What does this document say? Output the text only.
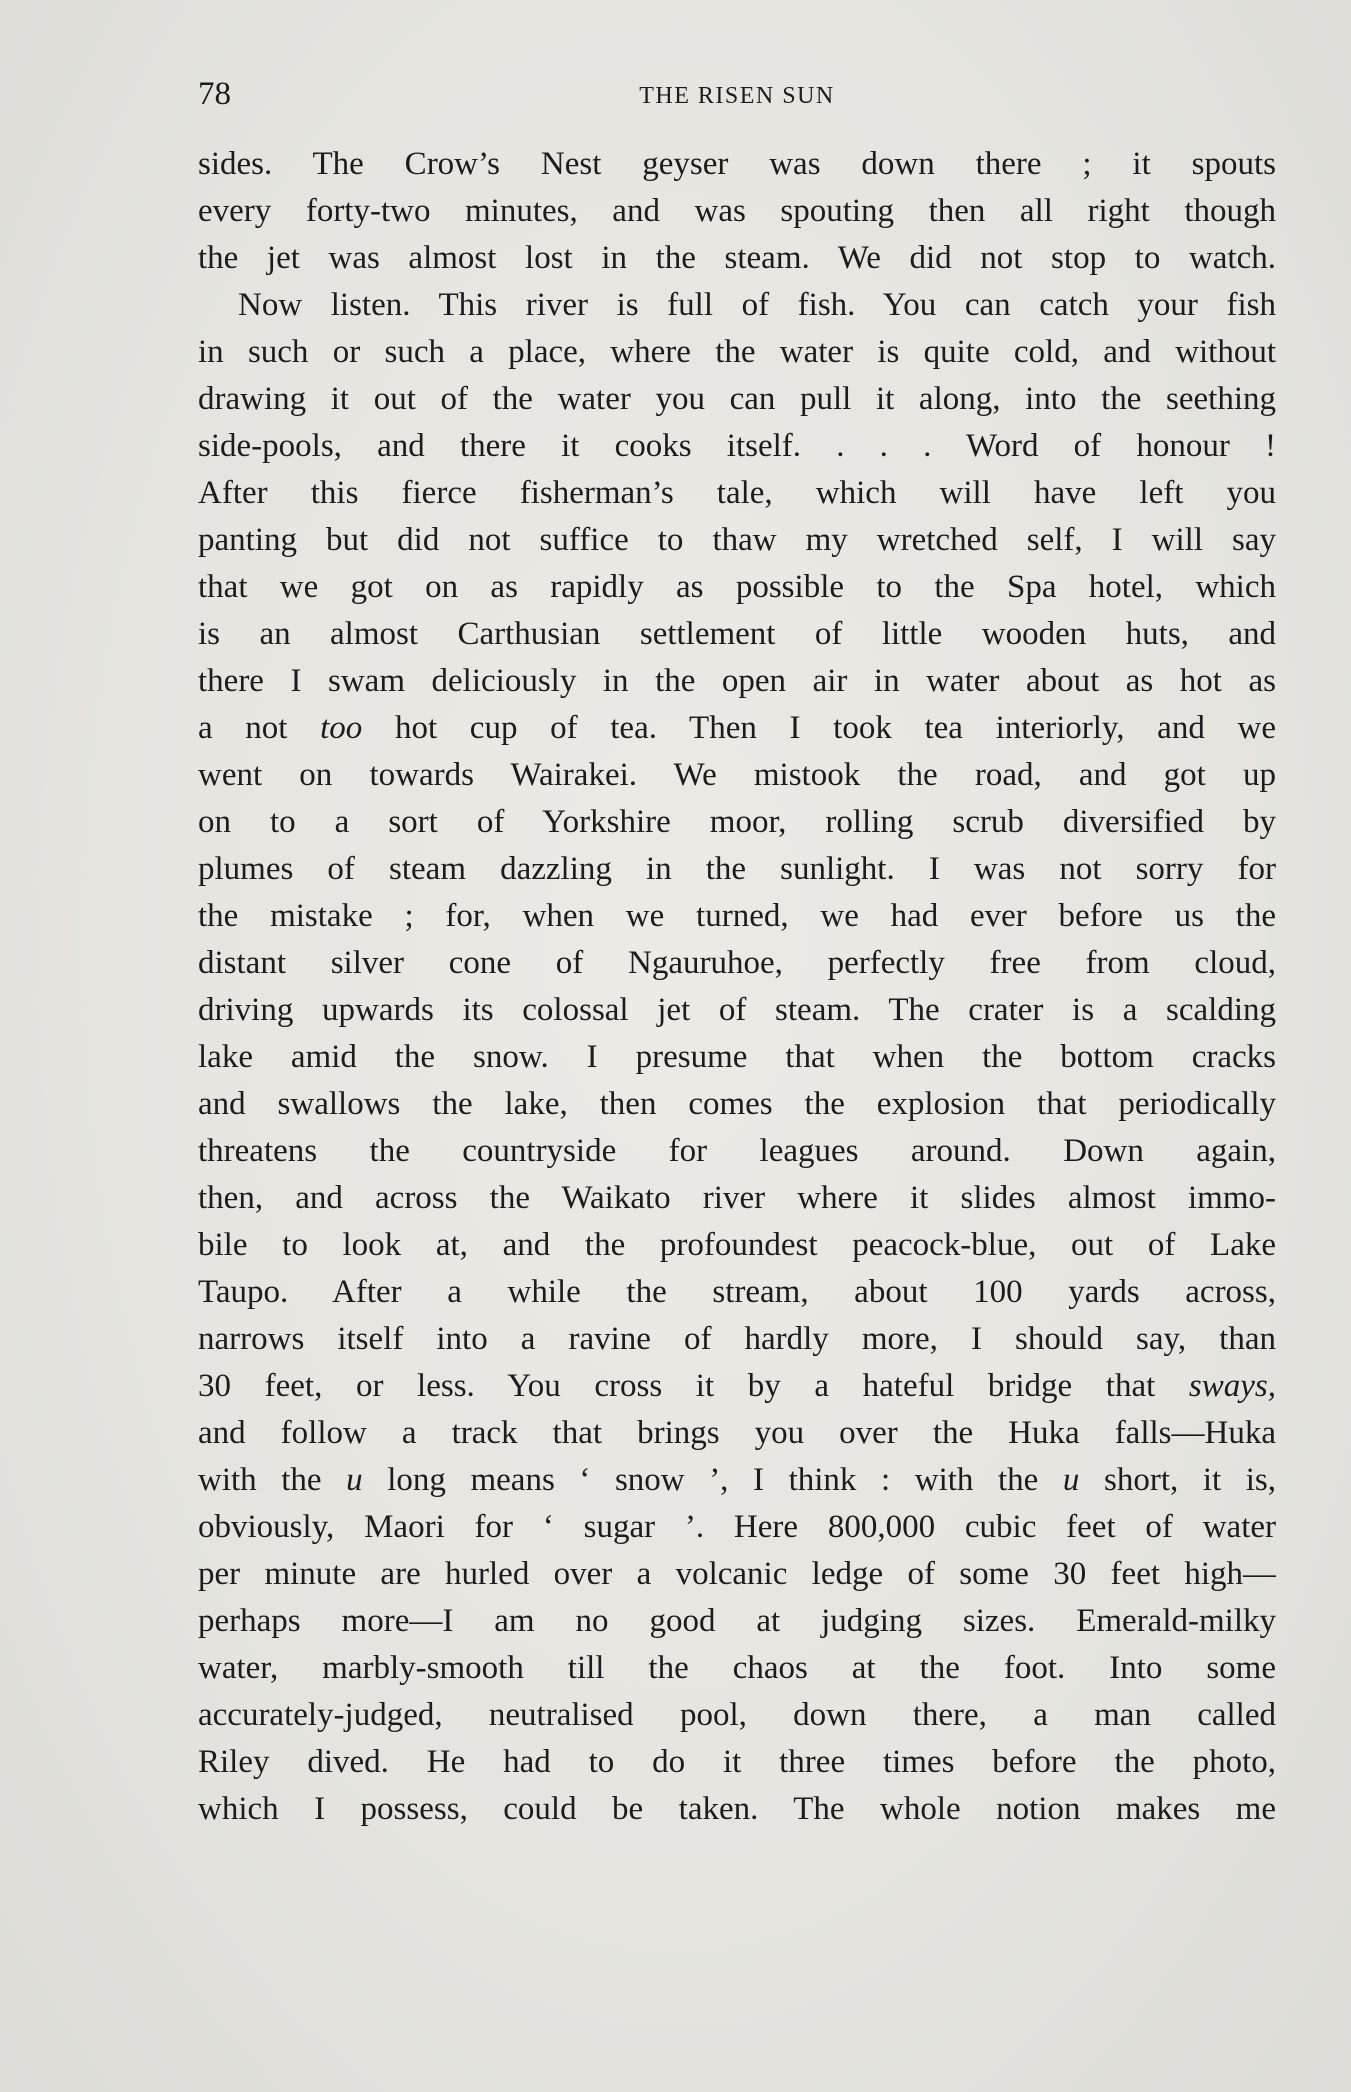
78	THE RISEN SUN
sides. The Crow’s Nest geyser was down there ; it spouts
every forty-two minutes, and was spouting then all right though
the jet was almost lost in the steam. We did not stop to watch.
Now listen. This river is full of fish. You can catch your fish
in such or such a place, where the water is quite cold, and without
drawing it out of the water you can pull it along, into the seething
side-pools, and there it cooks itself. . . . Word of honour !
After this fierce fisherman’s tale, which will have left you
panting but did not suffice to thaw my wretched self, I will say
that we got on as rapidly as possible to the Spa hotel, which
is an almost Carthusian settlement of little wooden huts, and
there I swam deliciously in the open air in water about as hot as
a not too hot cup of tea. Then I took tea interiorly, and we
went on towards Wairakei. We mistook the road, and got up
on to a sort of Yorkshire moor, rolling scrub diversified by
plumes of steam dazzling in the sunlight. I was not sorry for
the mistake ; for, when we turned, we had ever before us the
distant silver cone of Ngauruhoe, perfectly free from cloud,
driving upwards its colossal jet of steam. The crater is a scalding
lake amid the snow. I presume that when the bottom cracks
and swallows the lake, then comes the explosion that periodically
threatens the countryside for leagues around. Down again,
then, and across the Waikato river where it slides almost immo-
bile to look at, and the profoundest peacock-blue, out of Lake
Taupo. After a while the stream, about 100 yards across,
narrows itself into a ravine of hardly more, I should say, than
30 feet, or less. You cross it by a hateful bridge that sways,
and follow a track that brings you over the Huka falls—Huka
with the u long means ‘ snow ’, I think : with the u short, it is,
obviously, Maori for ‘ sugar ’. Here 800,000 cubic feet of water
per minute are hurled over a volcanic ledge of some 30 feet high—
perhaps more—I am no good at judging sizes. Emerald-milky
water, marbly-smooth till the chaos at the foot. Into some
accurately-judged, neutralised pool, down there, a man called
Riley dived. He had to do it three times before the photo,
which I possess, could be taken. The whole notion makes me
